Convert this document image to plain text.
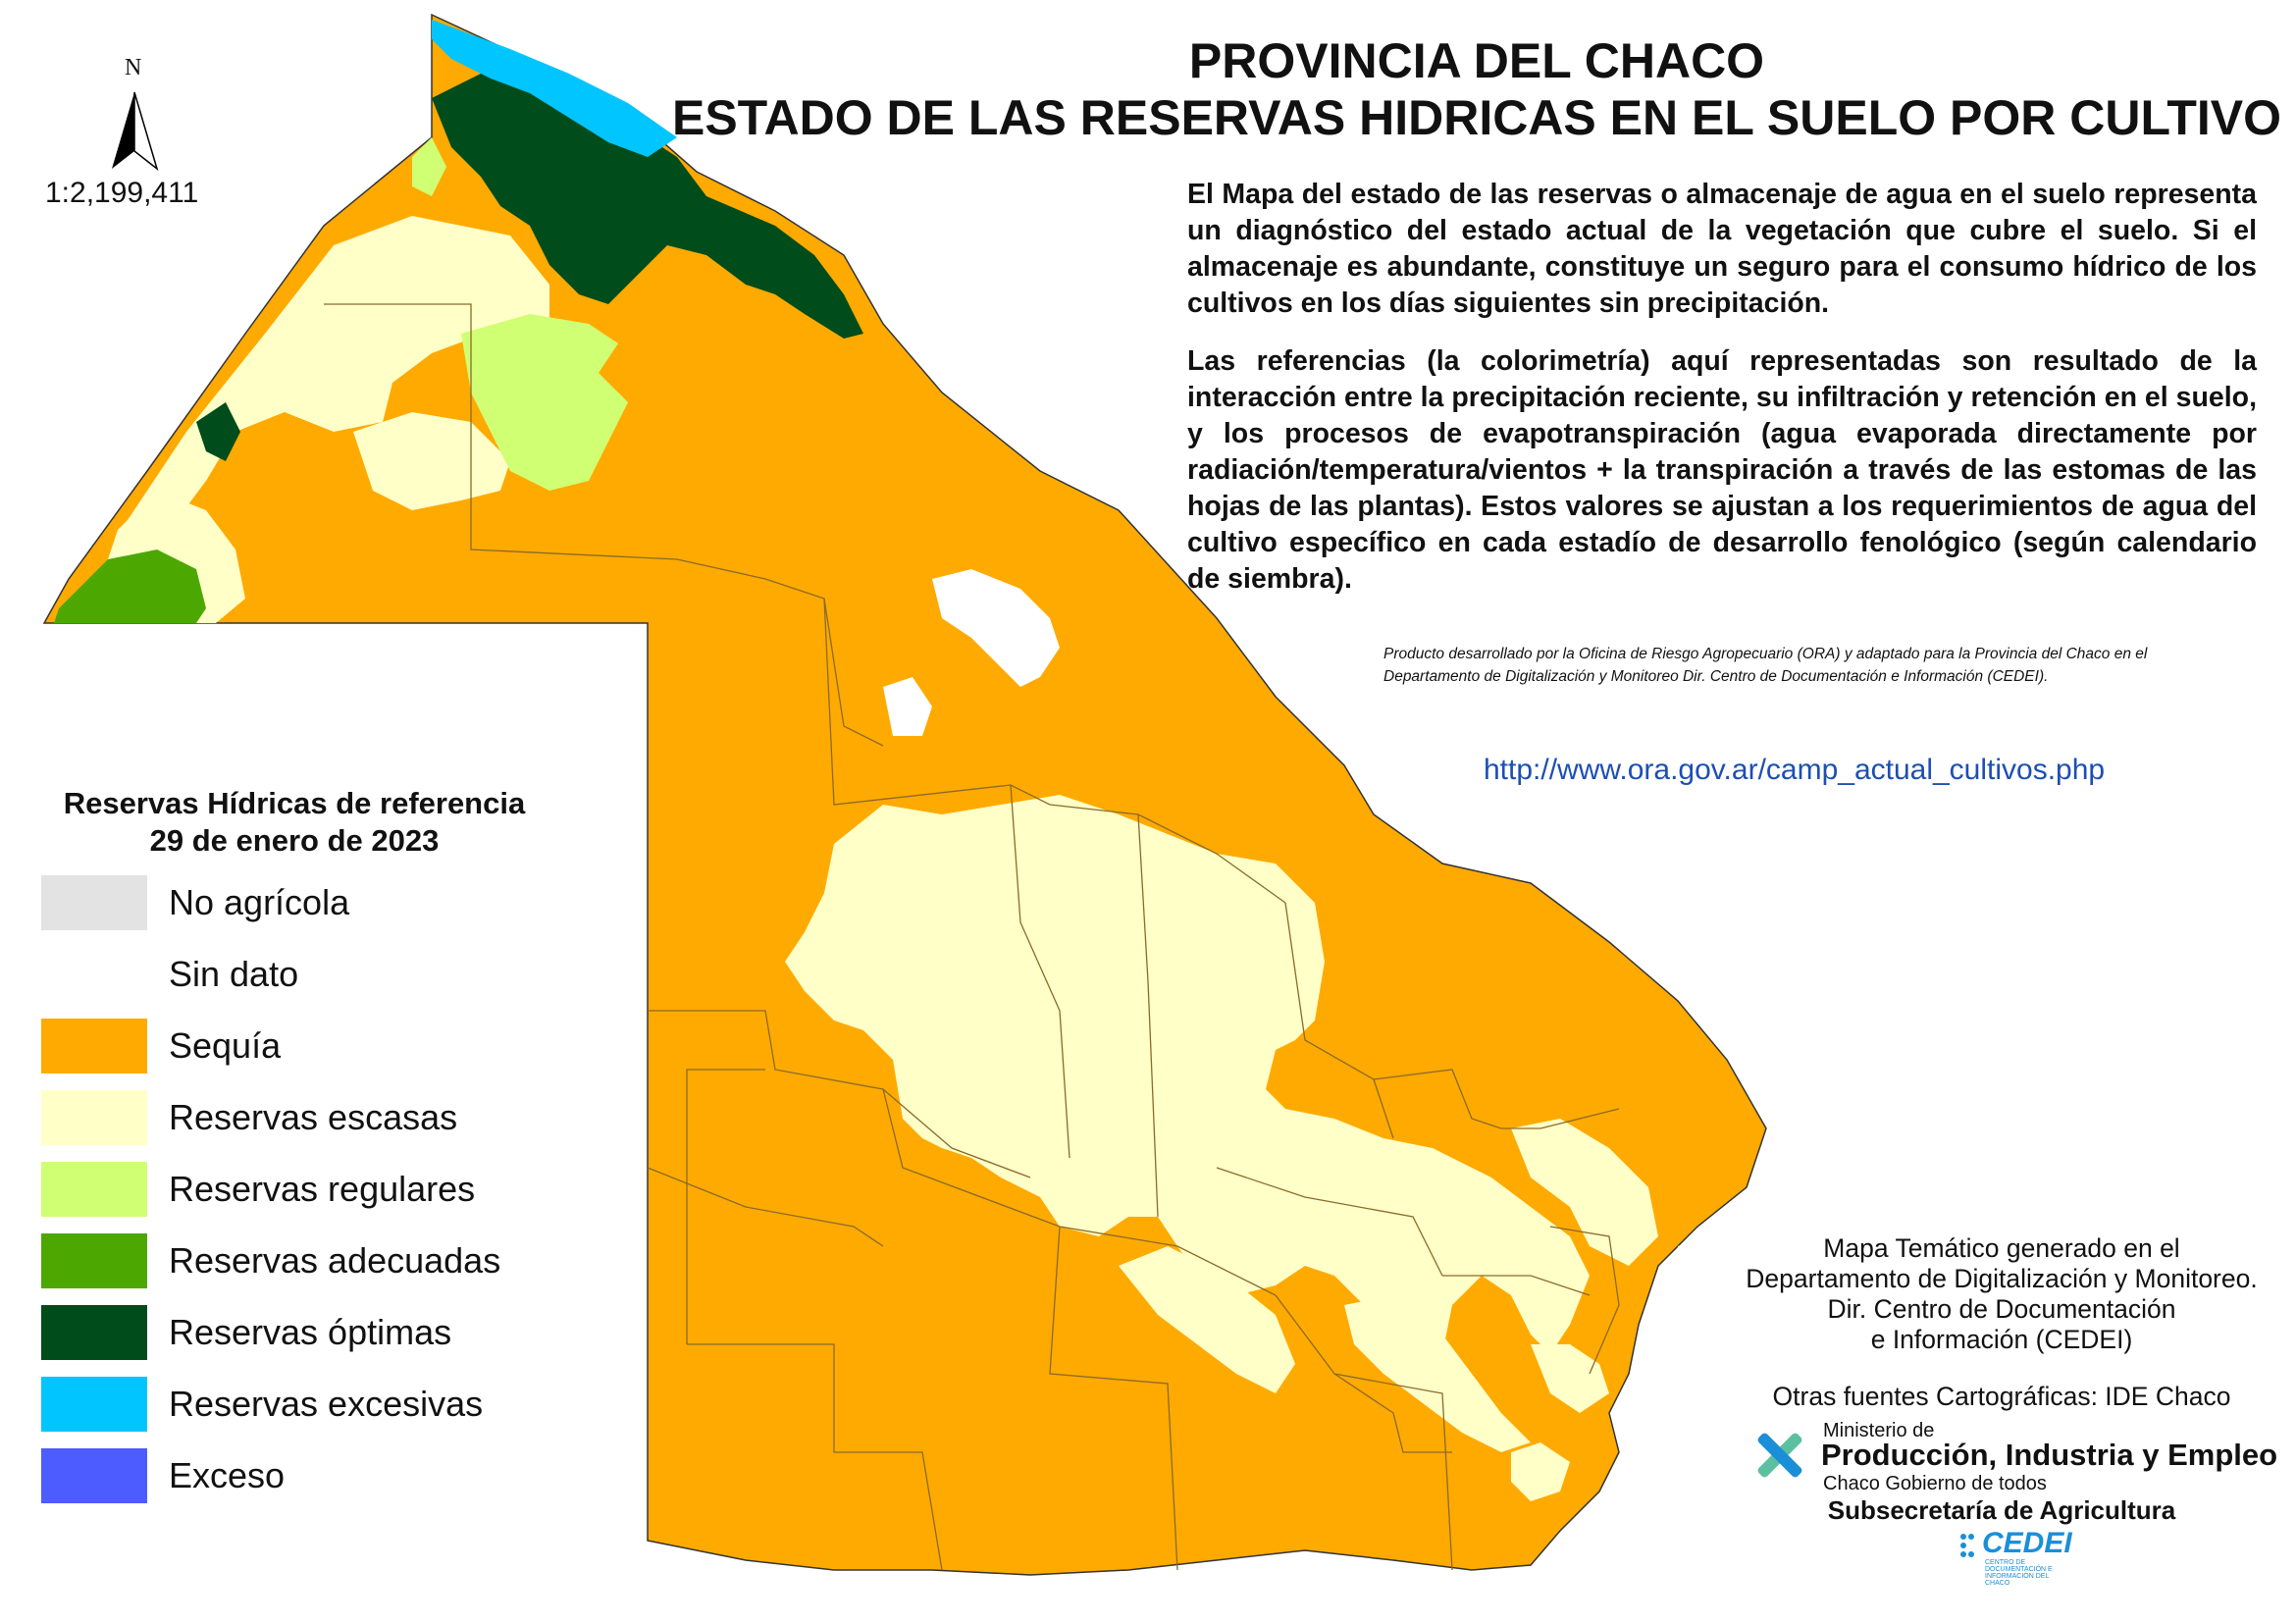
N
1:2,199,411
PROVINCIA DEL CHACO
ESTADO DE LAS RESERVAS HIDRICAS EN EL SUELO POR CULTIVO

El Mapa del estado de las reservas o almacenaje de agua en el suelo representa un diagnóstico del estado actual de la vegetación que cubre el suelo. Si el almacenaje es abundante, constituye un seguro para el consumo hídrico de los cultivos en los días siguientes sin precipitación.

Las referencias (la colorimetría) aquí representadas son resultado de la interacción entre la precipitación reciente, su infiltración y retención en el suelo, y los procesos de evapotranspiración (agua evaporada directamente por radiación/temperatura/vientos + la transpiración a través de las estomas de las hojas de las plantas). Estos valores se ajustan a los requerimientos de agua del cultivo específico en cada estadío de desarrollo fenológico (según calendario de siembra).

Producto desarrollado por la Oficina de Riesgo Agropecuario (ORA) y adaptado para la Provincia del Chaco en el Departamento de Digitalización y Monitoreo Dir. Centro de Documentación e Información (CEDEI).
http://www.ora.gov.ar/camp_actual_cultivos.php
Reservas Hídricas de referencia
29 de enero de 2023
No agrícola
Sin dato
Sequía
Reservas escasas
Reservas regulares
Reservas adecuadas
Reservas óptimas
Reservas excesivas
Exceso
Mapa Temático generado en el
Departamento de Digitalización y Monitoreo.
Dir. Centro de Documentación
e Información (CEDEI)
Otras fuentes Cartográficas: IDE Chaco
Ministerio de
Producción, Industria y Empleo
Chaco Gobierno de todos
Subsecretaría de Agricultura
CEDEI
CENTRO DE DOCUMENTACIÓN E INFORMACIÓN DEL CHACO
